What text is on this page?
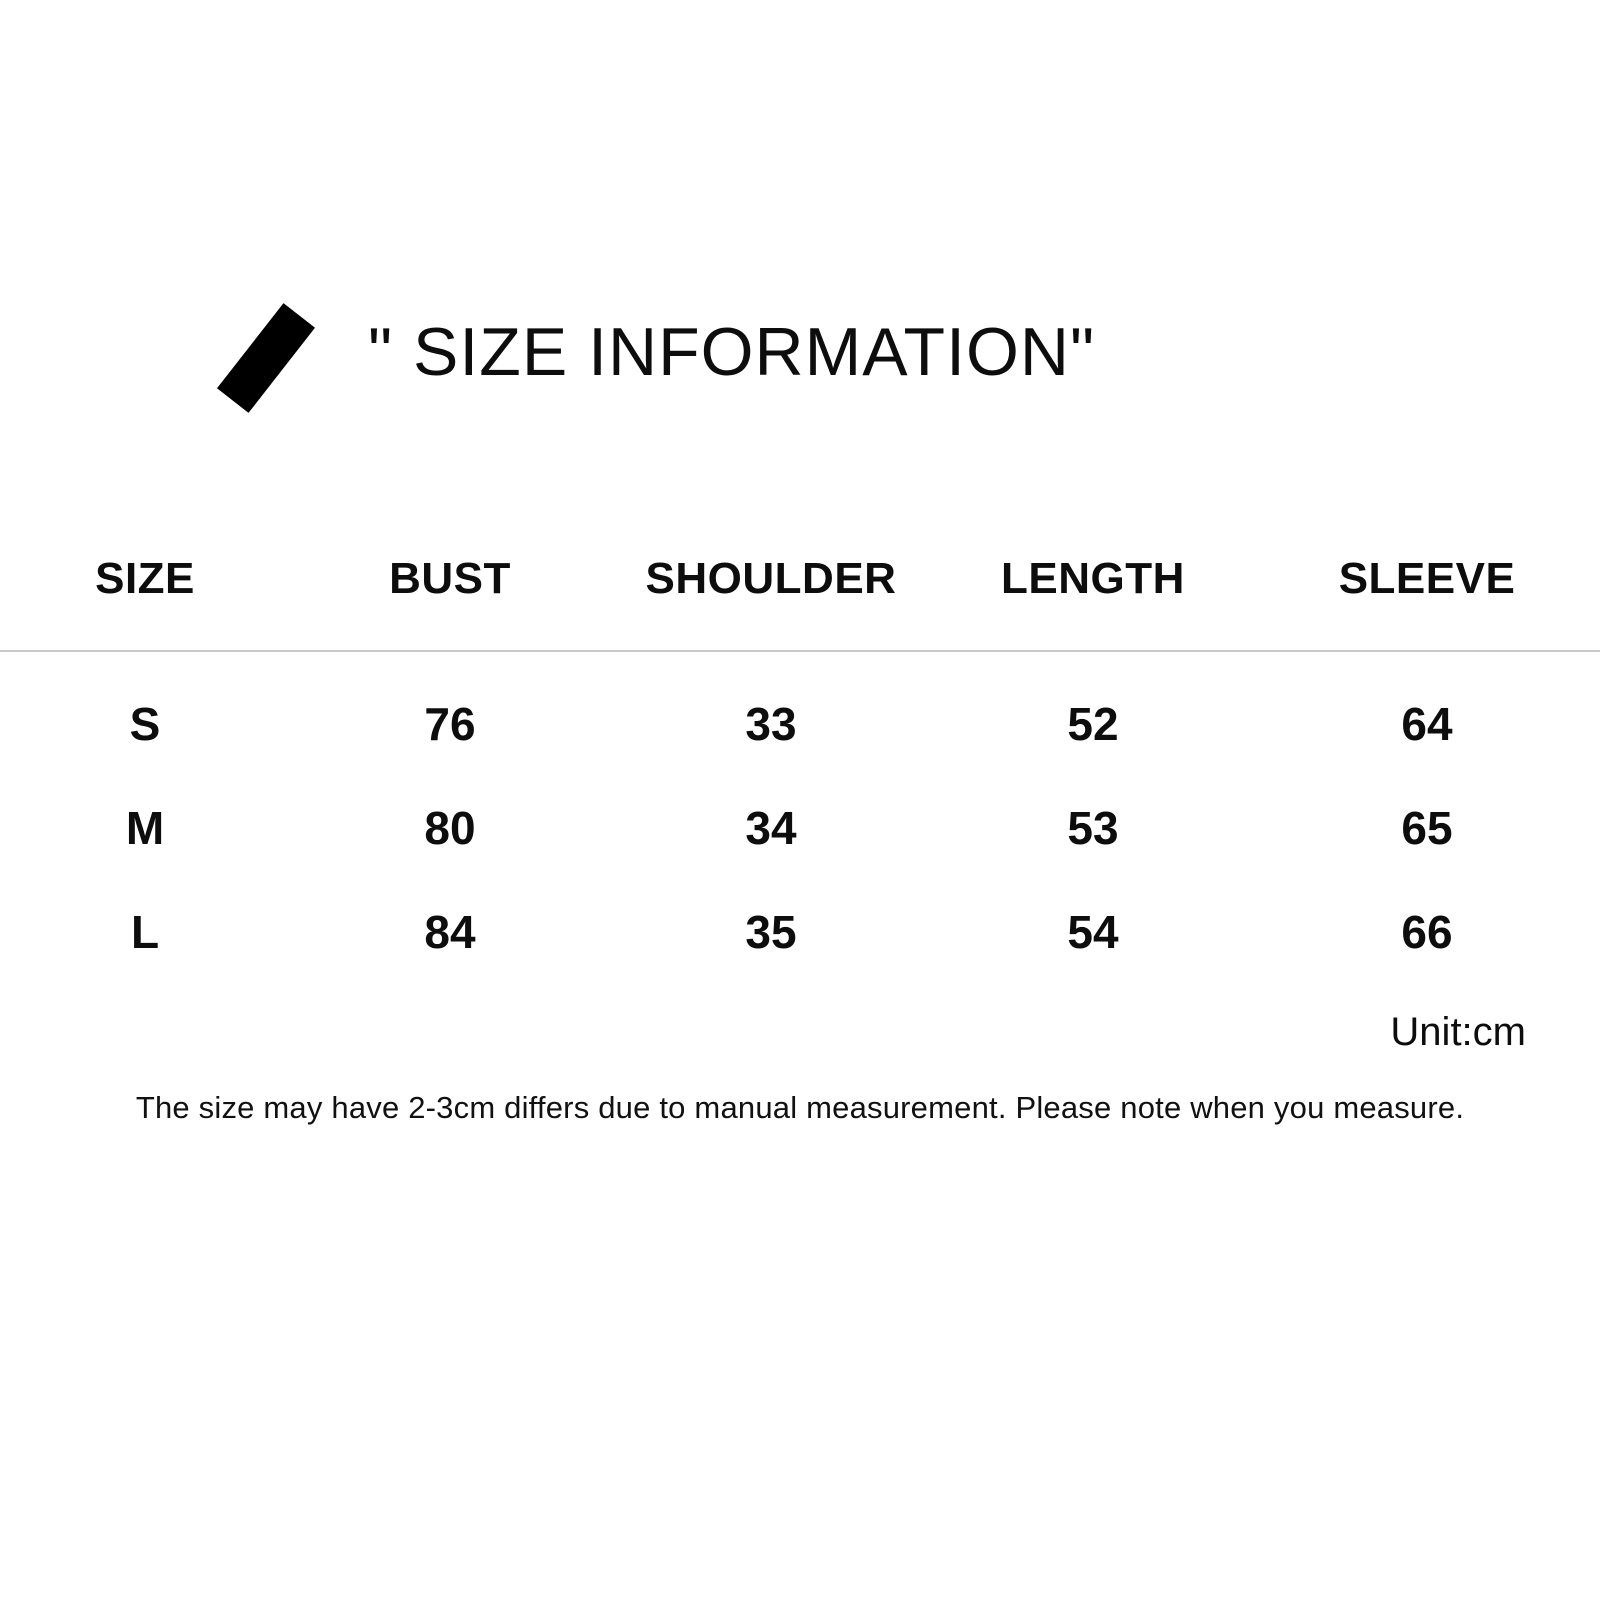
" SIZE INFORMATION"
SIZE	BUST	SHOULDER	LENGTH	SLEEVE
S	76	33	52	64
M	80	34	53	65
L	84	35	54	66
Unit:cm
The size may have 2-3cm differs due to manual measurement. Please note when you measure.
